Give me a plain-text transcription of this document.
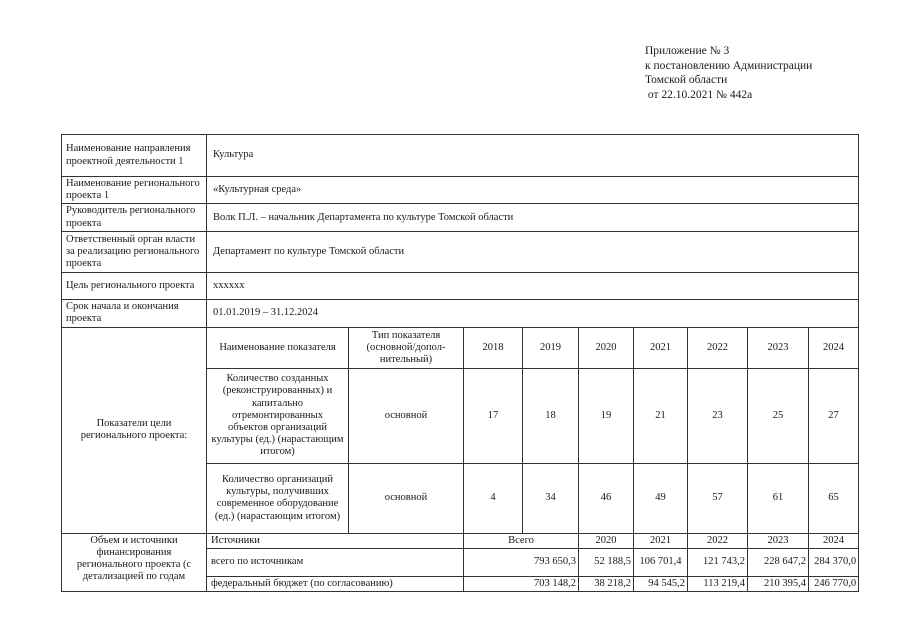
Приложение № 3
к постановлению Администрации
Томской области
от 22.10.2021 № 442а
Наименование направления проектной деятельности 1	Культура								
Наименование регионального проекта 1	«Культурная среда»								
Руководитель регионального проекта	Волк П.Л. – начальник Департамента по культуре Томской области								
Ответственный орган власти за реализацию регионального проекта	Департамент по культуре Томской области								
Цель регионального проекта	хххххх								
Срок начала и окончания проекта	01.01.2019 – 31.12.2024								
Показатели цели регионального проекта:	Наименование показателя	Тип показателя (основной/допол-нительный)	2018	2019	2020	2021	2022	2023	2024
	Количество созданных (реконструированных) и капитально отремонтированных объектов организаций культуры (ед.) (нарастающим итогом)	основной	17	18	19	21	23	25	27
	Количество организаций культуры, получивших современное оборудование (ед.) (нарастающим итогом)	основной	4	34	46	49	57	61	65
Объем и источники финансирования регионального проекта (с детализацией по годам	Источники		Всего		2020	2021	2022	2023	2024
	всего по источникам		793 650,3		52 188,5	106 701,4	121 743,2	228 647,2	284 370,0
	федеральный бюджет (по согласованию)		703 148,2		38 218,2	94 545,2	113 219,4	210 395,4	246 770,0
